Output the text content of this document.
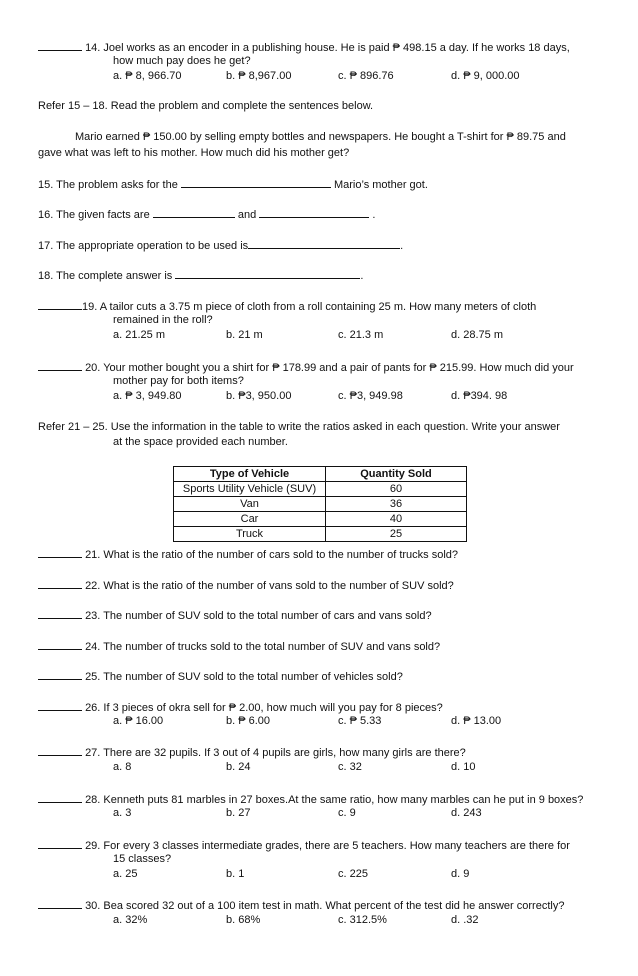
14. Joel works as an encoder in a publishing house. He is paid ₱ 498.15 a day. If he works 18 days,
how much pay does he get?
a. ₱ 8, 966.70	b. ₱ 8,967.00	c. ₱ 896.76	d. ₱ 9, 000.00
Refer 15 – 18. Read the problem and complete the sentences below.
Mario earned ₱ 150.00 by selling empty bottles and newspapers. He bought a T-shirt for ₱ 89.75 and
gave what was left to his mother. How much did his mother get?
15. The problem asks for the	Mario’s mother got.
16. The given facts are	and	.
17. The appropriate operation to be used is	.
18. The complete answer is	.
19. A tailor cuts a 3.75 m piece of cloth from a roll containing 25 m. How many meters of cloth
remained in the roll?
a. 21.25 m	b. 21 m	c. 21.3 m	d. 28.75 m
20. Your mother bought you a shirt for ₱ 178.99 and a pair of pants for ₱ 215.99. How much did your
mother pay for both items?
a. ₱ 3, 949.80	b. ₱3, 950.00	c. ₱3, 949.98	d. ₱394. 98
Refer 21 – 25. Use the information in the table to write the ratios asked in each question. Write your answer
at the space provided each number.
Type of Vehicle	Quantity Sold
Sports Utility Vehicle (SUV)	60
Van	36
Car	40
Truck	25
21. What is the ratio of the number of cars sold to the number of trucks sold?
22. What is the ratio of the number of vans sold to the number of SUV sold?
23. The number of SUV sold to the total number of cars and vans sold?
24. The number of trucks sold to the total number of SUV and vans sold?
25. The number of SUV sold to the total number of vehicles sold?
26. If 3 pieces of okra sell for ₱ 2.00, how much will you pay for 8 pieces?
a. ₱ 16.00	b. ₱ 6.00	c. ₱ 5.33	d. ₱ 13.00
27. There are 32 pupils. If 3 out of 4 pupils are girls, how many girls are there?
a. 8	b. 24	c. 32	d. 10
28. Kenneth puts 81 marbles in 27 boxes.At the same ratio, how many marbles can he put in 9 boxes?
a. 3	b. 27	c. 9	d. 243
29. For every 3 classes intermediate grades, there are 5 teachers. How many teachers are there for
15 classes?
a. 25	b. 1	c. 225	d. 9
30. Bea scored 32 out of a 100 item test in math. What percent of the test did he answer correctly?
a. 32%	b. 68%	c. 312.5%	d. .32
